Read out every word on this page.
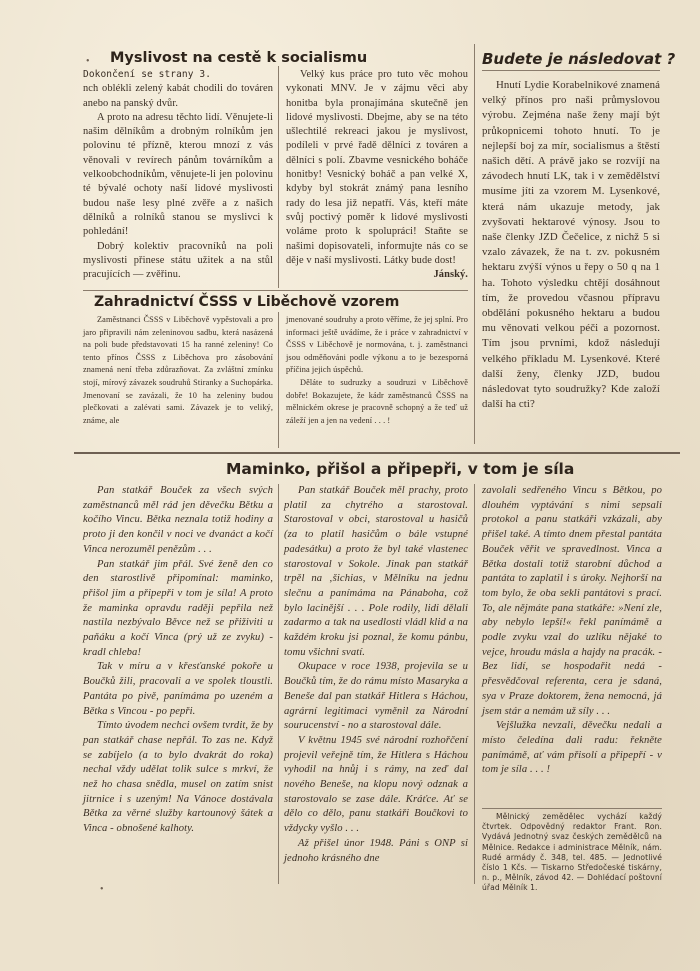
Myslivost na cestě k socialismu

Dokončení se strany 3.

nch oblékli zelený kabát chodili do továren anebo na panský dvůr.

A proto na adresu těchto lidí. Věnujete-li našim dělníkům a drobným rolníkům jen polovinu té přízně, kterou mnozí z vás věnovali v revírech pánům továrníkům a velkoobchodníkům, věnujete-li jen polovinu té bývalé ochoty naší lidové myslivosti budou naše lesy plné zvěře a z našich dělníků a rolníků stanou se myslivci k pohledání!

Dobrý kolektiv pracovníků na poli myslivosti přinese státu užitek a na stůl pracujících — zvěřinu.

Velký kus práce pro tuto věc mohou vykonati MNV. Je v zájmu věci aby honitba byla pronajímána skutečně jen lidové myslivosti. Dbejme, aby se na této ušlechtilé rekreaci jakou je myslivost, podíleli v prvé řadě dělníci z továren a dělníci s polí. Zbavme vesnického boháče honitby! Vesnický boháč a pan velké X, kdyby byl stokrát známý pana lesního rady do lesa již nepatří. Vás, kteří máte svůj poctivý poměr k lidové myslivosti voláme proto k spolupráci! Staňte se našimi dopisovateli, informujte nás co se děje v naší myslivosti. Látky bude dost!

Jánský.

Budete je následovat ?

Hnutí Lydie Korabelnikové znamená velký přínos pro naši průmyslovou výrobu. Zejména naše ženy mají být průkopnicemi tohoto hnutí. To je nejlepší boj za mír, socialismus a štěstí našich dětí. A právě jako se rozvíjí na závodech hnutí LK, tak i v zemědělství musíme jíti za vzorem M. Lysenkové, která nám ukazuje metody, jak zvyšovati hektarové výnosy. Jsou to naše členky JZD Čečelice, z nichž 5 si vzalo závazek, že na t. zv. pokusném hektaru zvýší výnos u řepy o 50 q na 1 ha. Tohoto výsledku chtějí dosáhnout tím, že provedou včasnou přípravu obdělání pokusného hektaru a budou mu věnovati velkou péči a pozornost. Tím jsou prvními, kdož následují velkého příkladu M. Lysenkové. Které další ženy, členky JZD, budou následovat tyto soudružky? Kde založí další ha cti?

Zahradnictví ČSSS v Liběchově vzorem

Zaměstnanci ČSSS v Liběchově vypěstovali a pro jaro připravili nám zeleninovou sadbu, která nasázená na poli bude představovati 15 ha ranné zeleniny! Co tento přínos ČSSS z Liběchova pro zásobování znamená není třeba zdůrazňovat. Za zvláštní zmínku stojí, mírový závazek soudruhů Stiranky a Suchopárka. Jmenovaní se zavázali, že 10 ha zeleniny budou plečkovati a zalévati sami. Závazek je to veliký, známe, ale

jmenované soudruhy a proto věříme, že jej splní. Pro informaci ještě uvádíme, že i práce v zahradnictví v ČSSS v Liběchově je normována, t. j. zaměstnanci jsou odměňováni podle výkonu a to je bezesporná příčina jejich úspěchů.

Děláte to sudruzky a soudruzi v Liběchově dobře! Bokazujete, že kádr zaměstnanců ČSSS na mělnickém okrese je pracovně schopný a že teď už záleží jen a jen na vedení . . . !

Maminko, přišol a připepři, v tom je síla

Pan statkář Bouček za všech svých zaměstnanců měl rád jen děvečku Bětku a kočího Vincu. Bětka neznala totiž hodiny a proto ji den končil v noci ve dvanáct a kočí Vinca nerozuměl penězům . . .

Pan statkář jim přál. Své ženě den co den starostlivě připomínal: maminko, přišol jim a připepři v tom je síla! A proto že maminka opravdu raději pepřila než nastila nezbývalo Běvce než se přiživiti u paňáku a kočí Vinca (prý už ze zvyku) - kradl chleba!

Tak v míru a v křesťanské pokoře u Boučků žili, pracovali a ve spolek tloustli. Pantáta po pivě, panímáma po uzeném a Bětka s Vincou - po pepři.

Tímto úvodem nechci ovšem tvrdit, že by pan statkář chase nepřál. To zas ne. Když se zabíjelo (a to bylo dvakrát do roka) nechal vždy udělat tolik sulce s mrkví, že než ho chasa snědla, musel on zatím snist jitrnice i s uzeným! Na Vánoce dostávala Bětka za věrné služby kartounový šátek a Vinca - obnošené kalhoty.

Pan statkář Bouček měl prachy, proto platil za chytrého a starostoval. Starostoval v obci, starostoval u hasičů (za to platil hasičům o bále vstupné padesátku) a proto že byl také vlastenec starostoval v Sokole. Jinak pan statkář trpěl na ‚šichias, v Mělníku na jednu slečnu a panímáma na Pánaboha, což bylo lacinější . . . Pole rodily, lidi dělali zadarmo a tak na usedlosti vládl klid a na každém kroku jsi poznal, že komu pánbu, tomu všichni svatí.

Okupace v roce 1938, projevila se u Boučků tím, že do rámu místo Masaryka a Beneše dal pan statkář Hitlera s Háchou, agrární legitimaci vyměnil za Národní sourucenství - no a starostoval dále.

V květnu 1945 své národní rozhořčení projevil veřejně tím, že Hitlera s Háchou vyhodil na hnůj i s rámy, na zeď dal nového Beneše, na klopu nový odznak a starostovalo se zase dále. Kráťce. Ať se dělo co dělo, panu statkáři Boučkovi to vždycky vyšlo . . .

Až přišel únor 1948. Páni s ONP si jednoho krásného dne

zavolali sedřeného Vincu s Bětkou, po dlouhém vyptávání s nimi sepsali protokol a panu statkáři vzkázali, aby přišel také. A tímto dnem přestal pantáta Bouček věřit ve spravedlnost. Vinca a Bětka dostali totiž starobní důchod a pantáta to zaplatil i s úroky. Nejhorší na tom bylo, že oba sekli pantátovi s prací. To, ale nějmáte pana statkáře: »Není zle, aby nebylo lepší!« řekl panímámě a podle zvyku vzal do uzlíku nějaké to vejce, hroudu másla a hajdy na pracák. - Bez lidí, se hospodařit nedá - přesvědčoval referenta, cera je sdaná, sya v Praze doktorem, žena nemocná, já jsem stár a nemám už síly . . .

Vejšlužka nevzali, děvečku nedali a místo čeledína dali radu: řekněte panímámě, ať vám přisolí a připepří - v tom je síla . . . !

Mělnický zemědělec vychází každý čtvrtek. Odpovědný redaktor Frant. Ron. Vydává Jednotný svaz českých zemědělců na Mělnice. Redakce i administrace Mělník, nám. Rudé armády č. 348, tel. 485. — Jednotlivé číslo 1 Kčs. — Tiskarno Středočeské tiskárny, n. p., Mělník, závod 42. — Dohlédací poštovní úřad Mělník 1.

•
•
